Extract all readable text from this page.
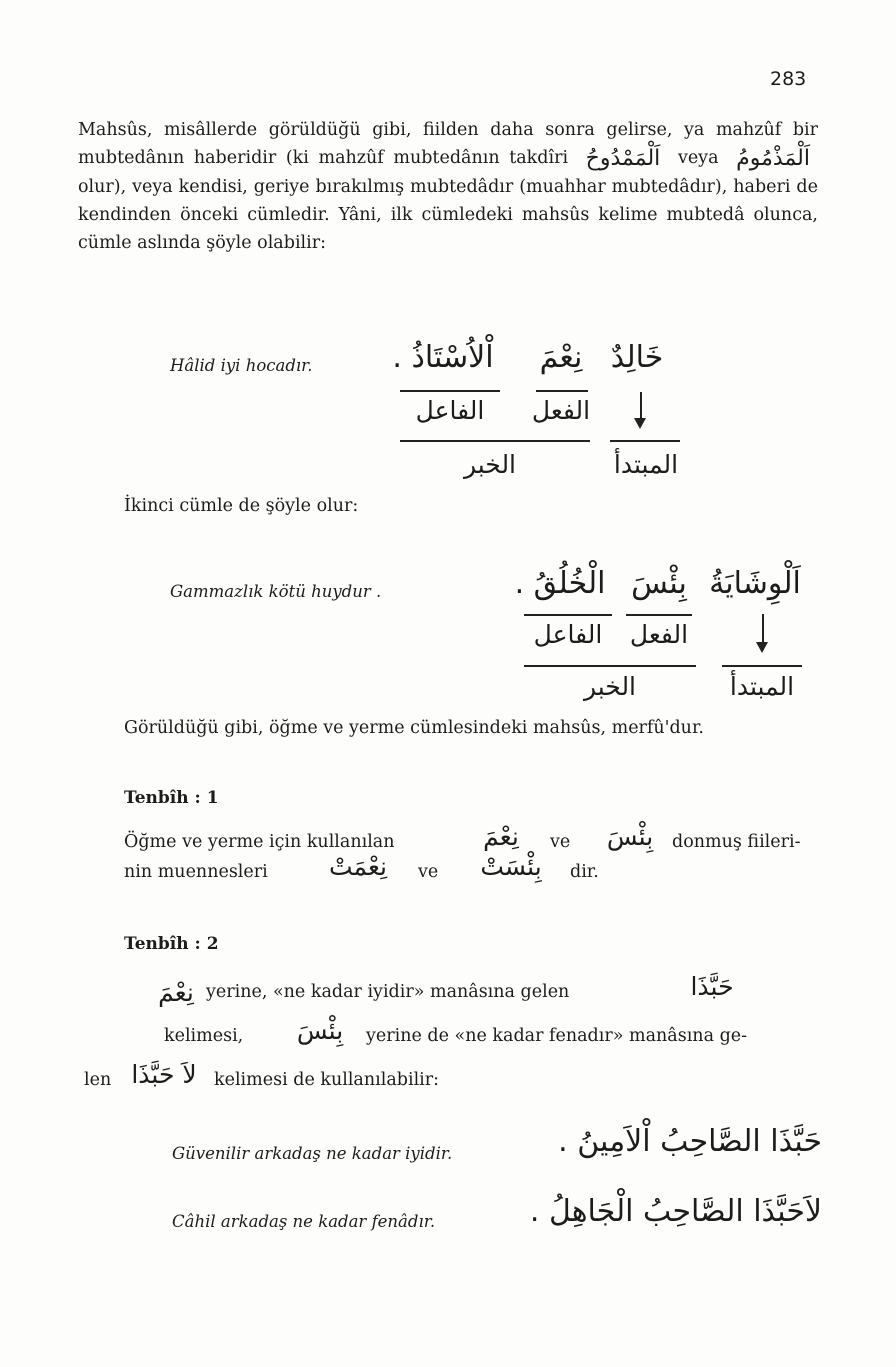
283
Mahsûs, misâllerde görüldüğü gibi, fiilden daha sonra gelirse, ya mahzûf bir mubtedânın haberidir (ki mahzûf mubtedânın takdîri اَلْمَمْدُوحُ veya اَلْمَذْمُومُ olur), veya kendisi, geriye bırakılmış mubtedâdır (muahhar mubtedâdır), haberi de kendinden önceki cümledir. Yâni, ilk cümledeki mahsûs kelime mubtedâ olunca, cümle aslında şöyle olabilir:
Hâlid iyi hocadır.	اْلاُسْتَاذُ .	نِعْمَ خَالِدٌ
الفاعل	الفعل
الخبر	المبتدأ
İkinci cümle de şöyle olur:
Gammazlık kötü huydur .	الْخُلُقُ . بِئْسَ اَلْوِشَايَةُ
الفاعل	الفعل
الخبر	المبتدأ
Görüldüğü gibi, öğme ve yerme cümlesindeki mahsûs, merfû'dur.
Tenbîh : 1
Öğme ve yerme için kullanılan	نِعْمَ	ve بِئْسَ	donmuş fiileri-
nin muennesleri	نِعْمَتْ	ve	بِئْسَتْ	dir.
Tenbîh : 2
نِعْمَ yerine, «ne kadar iyidir» manâsına gelen	حَبَّذَا
kelimesi,	بِئْسَ	yerine de «ne kadar fenadır» manâsına ge-
len لاَ حَبَّذَا kelimesi de kullanılabilir:
Güvenilir arkadaş ne kadar iyidir.	حَبَّذَا الصَّاحِبُ اْلاَمِينُ .
Câhil arkadaş ne kadar fenâdır.	لاَحَبَّذَا الصَّاحِبُ الْجَاهِلُ .
